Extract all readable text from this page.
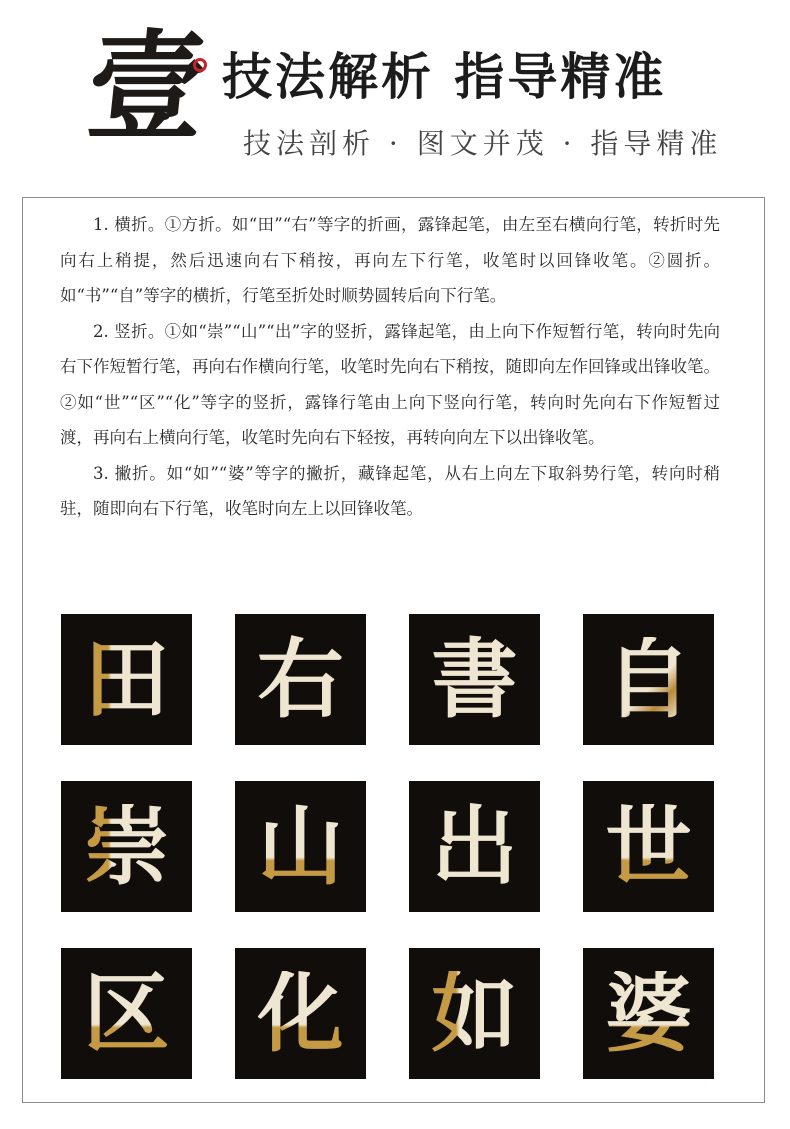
壹 技法解析 指导精准
技法剖析 · 图文并茂 · 指导精准

1. 横折。①方折。如“田”“右”等字的折画，露锋起笔，由左至右横向行笔，转折时先向右上稍提，然后迅速向右下稍按，再向左下行笔，收笔时以回锋收笔。②圆折。如“书”“自”等字的横折，行笔至折处时顺势圆转后向下行笔。

2. 竖折。①如“崇”“山”“出”字的竖折，露锋起笔，由上向下作短暂行笔，转向时先向右下作短暂行笔，再向右作横向行笔，收笔时先向右下稍按，随即向左作回锋或出锋收笔。②如“世”“区”“化”等字的竖折，露锋行笔由上向下竖向行笔，转向时先向右下作短暂过渡，再向右上横向行笔，收笔时先向右下轻按，再转向向左下以出锋收笔。

3. 撇折。如“如”“婆”等字的撇折，藏锋起笔，从右上向左下取斜势行笔，转向时稍驻，随即向右下行笔，收笔时向左上以回锋收笔。

田 右 書 自
崇 山 出 世
区 化 如 婆
